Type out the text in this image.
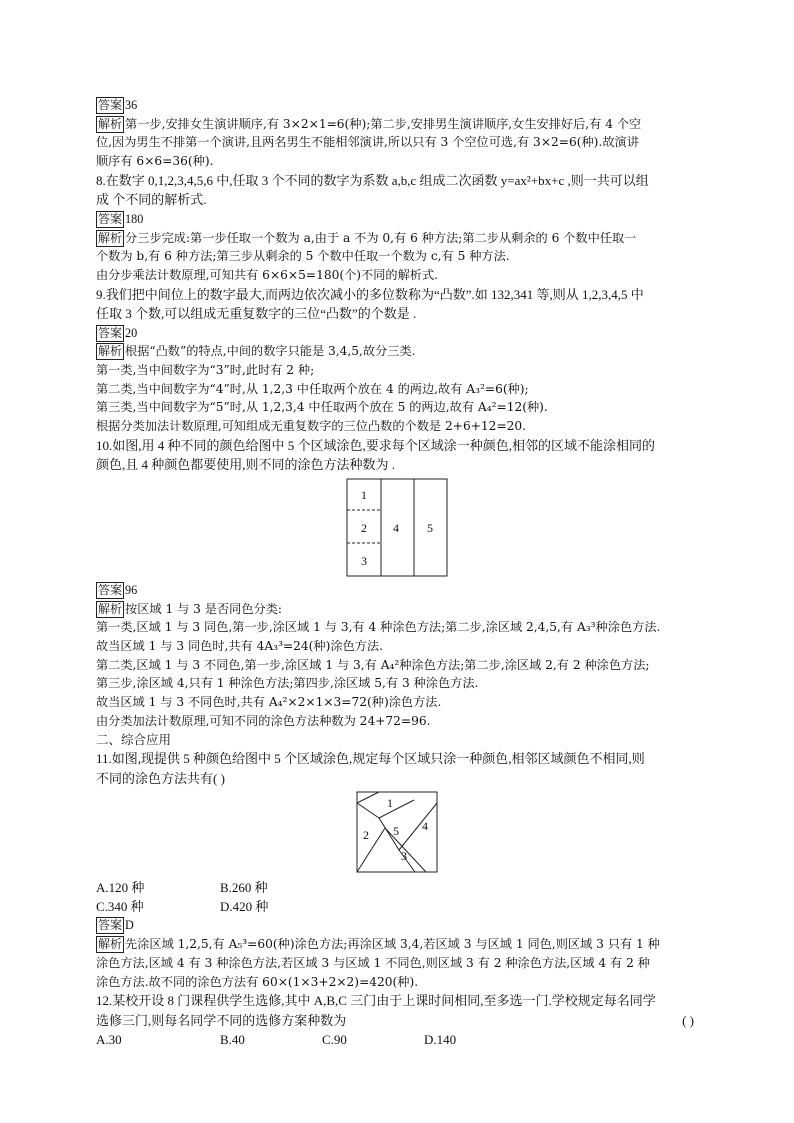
答案 36
解析 第一步,安排女生演讲顺序,有 3×2×1=6(种);第二步,安排男生演讲顺序,女生安排好后,有 4 个空
位,因为男生不排第一个演讲,且两名男生不能相邻演讲,所以只有 3 个空位可选,有 3×2=6(种).故演讲
顺序有 6×6=36(种).
8.在数字 0,1,2,3,4,5,6 中,任取 3 个不同的数字为系数 a,b,c 组成二次函数 y=ax²+bx+c ,则一共可以组
成 个不同的解析式.
答案 180
解析 分三步完成:第一步任取一个数为 a,由于 a 不为 0,有 6 种方法;第二步从剩余的 6 个数中任取一
个数为 b,有 6 种方法;第三步从剩余的 5 个数中任取一个数为 c,有 5 种方法.
由分步乘法计数原理,可知共有 6×6×5=180(个)不同的解析式.
9.我们把中间位上的数字最大,而两边依次减小的多位数称为“凸数”.如 132,341 等,则从 1,2,3,4,5 中
任取 3 个数,可以组成无重复数字的三位“凸数”的个数是 .
答案 20
解析 根据“凸数”的特点,中间的数字只能是 3,4,5,故分三类.
第一类,当中间数字为“3”时,此时有 2 种;
第二类,当中间数字为“4”时,从 1,2,3 中任取两个放在 4 的两边,故有 A₃²=6(种);
第三类,当中间数字为“5”时,从 1,2,3,4 中任取两个放在 5 的两边,故有 A₄²=12(种).
根据分类加法计数原理,可知组成无重复数字的三位凸数的个数是 2+6+12=20.
10.如图,用 4 种不同的颜色给图中 5 个区域涂色,要求每个区域涂一种颜色,相邻的区域不能涂相同的
颜色,且 4 种颜色都要使用,则不同的涂色方法种数为 .
1
2
3
4 5
答案 96
解析 按区域 1 与 3 是否同色分类:
第一类,区域 1 与 3 同色,第一步,涂区域 1 与 3,有 4 种涂色方法;第二步,涂区域 2,4,5,有 A₃³种涂色方法.
故当区域 1 与 3 同色时,共有 4A₃³=24(种)涂色方法.
第二类,区域 1 与 3 不同色,第一步,涂区域 1 与 3,有 A₄²种涂色方法;第二步,涂区域 2,有 2 种涂色方法;
第三步,涂区域 4,只有 1 种涂色方法;第四步,涂区域 5,有 3 种涂色方法.
故当区域 1 与 3 不同色时,共有 A₄²×2×1×3=72(种)涂色方法.
由分类加法计数原理,可知不同的涂色方法种数为 24+72=96.
二、综合应用
11.如图,现提供 5 种颜色给图中 5 个区域涂色,规定每个区域只涂一种颜色,相邻区域颜色不相同,则
不同的涂色方法共有( )
1
2
3
4
5
A.120 种	B.260 种
C.340 种	D.420 种
答案 D
解析 先涂区域 1,2,5,有 A₅³=60(种)涂色方法;再涂区域 3,4,若区域 3 与区域 1 同色,则区域 3 只有 1 种
涂色方法,区域 4 有 3 种涂色方法,若区域 3 与区域 1 不同色,则区域 3 有 2 种涂色方法,区域 4 有 2 种
涂色方法.故不同的涂色方法有 60×(1×3+2×2)=420(种).
12.某校开设 8 门课程供学生选修,其中 A,B,C 三门由于上课时间相同,至多选一门.学校规定每名同学
选修三门,则每名同学不同的选修方案种数为	( )
A.30	B.40	C.90	D.140
